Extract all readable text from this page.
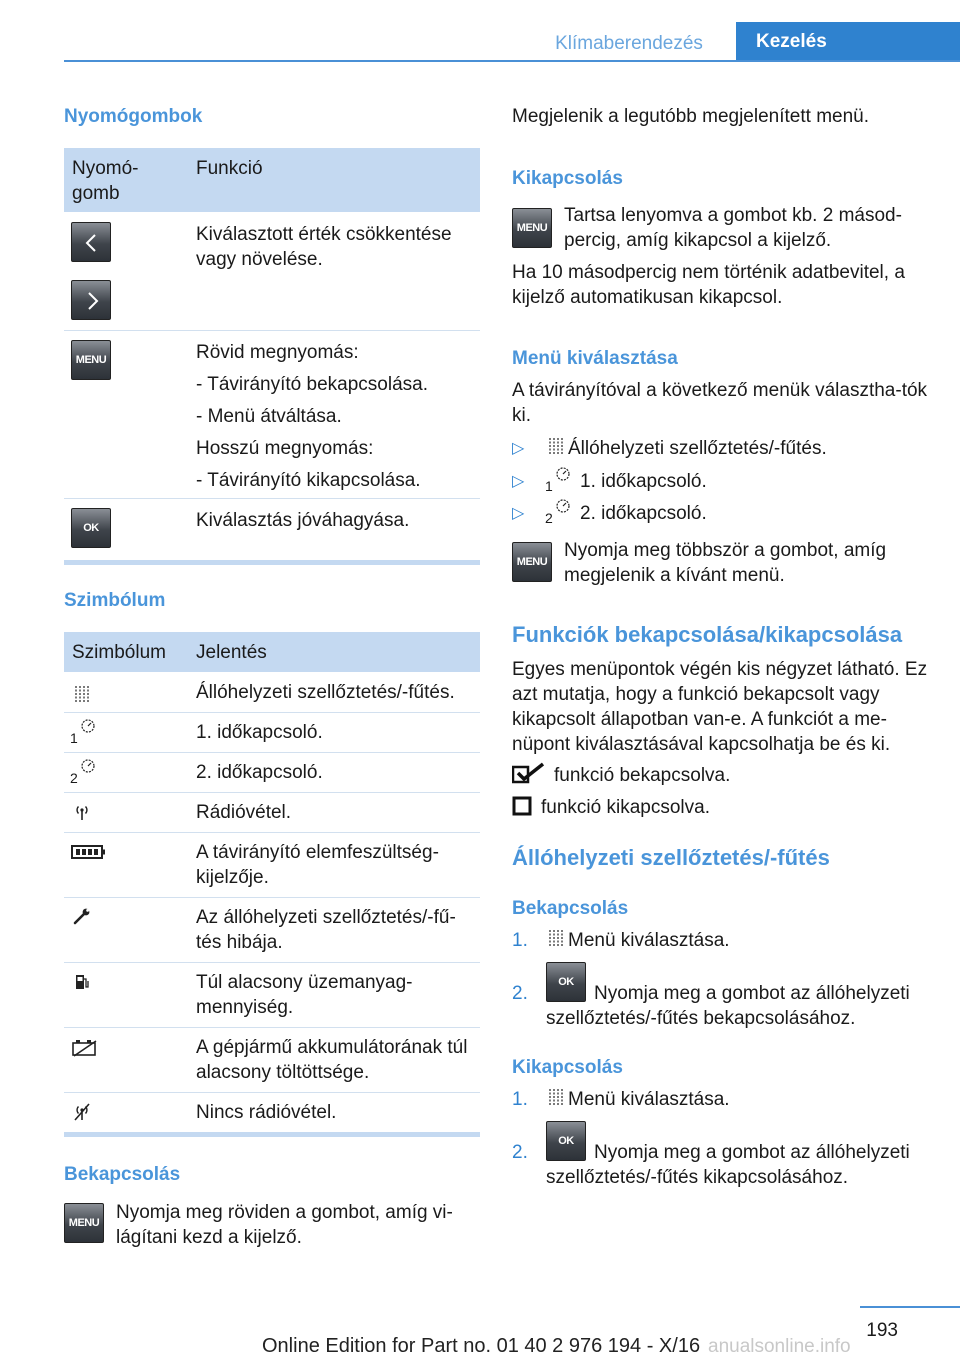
Klímaberendezés	Kezelés
Nyomógombok
Nyomó-
gomb
Funkció
Kiválasztott érték csökkentése vagy növelése.
MENU	Rövid megnyomás:
- Távirányító bekapcsolása.
- Menü átváltása.
Hosszú megnyomás:
- Távirányító kikapcsolása.
OK	Kiválasztás jóváhagyása.
Szimbólum
Szimbólum Jelentés
Állóhelyzeti szellőztetés/-fűtés.
1	1. időkapcsoló.
2	2. időkapcsoló.
Rádióvétel.
A távirányító elemfeszültség-kijelzője.
Az állóhelyzeti szellőztetés/-fű-tés hibája.
Túl alacsony üzemanyag-mennyiség.
A gépjármű akkumulátorának túl alacsony töltöttsége.
Nincs rádióvétel.
Bekapcsolás
MENU Nyomja meg röviden a gombot, amíg vi-lágítani kezd a kijelző.
Megjelenik a legutóbb megjelenített menü.
Kikapcsolás
MENU
Tartsa lenyomva a gombot kb. 2 másod-percig, amíg kikapcsol a kijelző.
Ha 10 másodpercig nem történik adatbevitel, a kijelző automatikusan kikapcsol.
Menü kiválasztása
A távirányítóval a következő menük választha-tók ki.
▷ Állóhelyzeti szellőztetés/-fűtés.
▷ 1 1. időkapcsoló.
▷ 2 2. időkapcsoló.
MENU
Nyomja meg többször a gombot, amíg megjelenik a kívánt menü.
Funkciók bekapcsolása/kikapcsolása
Egyes menüpontok végén kis négyzet látható. Ez azt mutatja, hogy a funkció bekapcsolt vagy kikapcsolt állapotban van-e. A funkciót a me-nüpont kiválasztásával kapcsolhatja be és ki.
funkció bekapcsolva.
funkció kikapcsolva.
Állóhelyzeti szellőztetés/-fűtés
Bekapcsolás
1. Menü kiválasztása.
2.
OK
Nyomja meg a gombot az állóhelyzeti
szellőztetés/-fűtés bekapcsolásához.
Kikapcsolás
1. Menü kiválasztása.
2.
OK
Nyomja meg a gombot az állóhelyzeti
szellőztetés/-fűtés kikapcsolásához.
193
Online Edition for Part no. 01 40 2 976 194 - X/16 anualsonline.info
